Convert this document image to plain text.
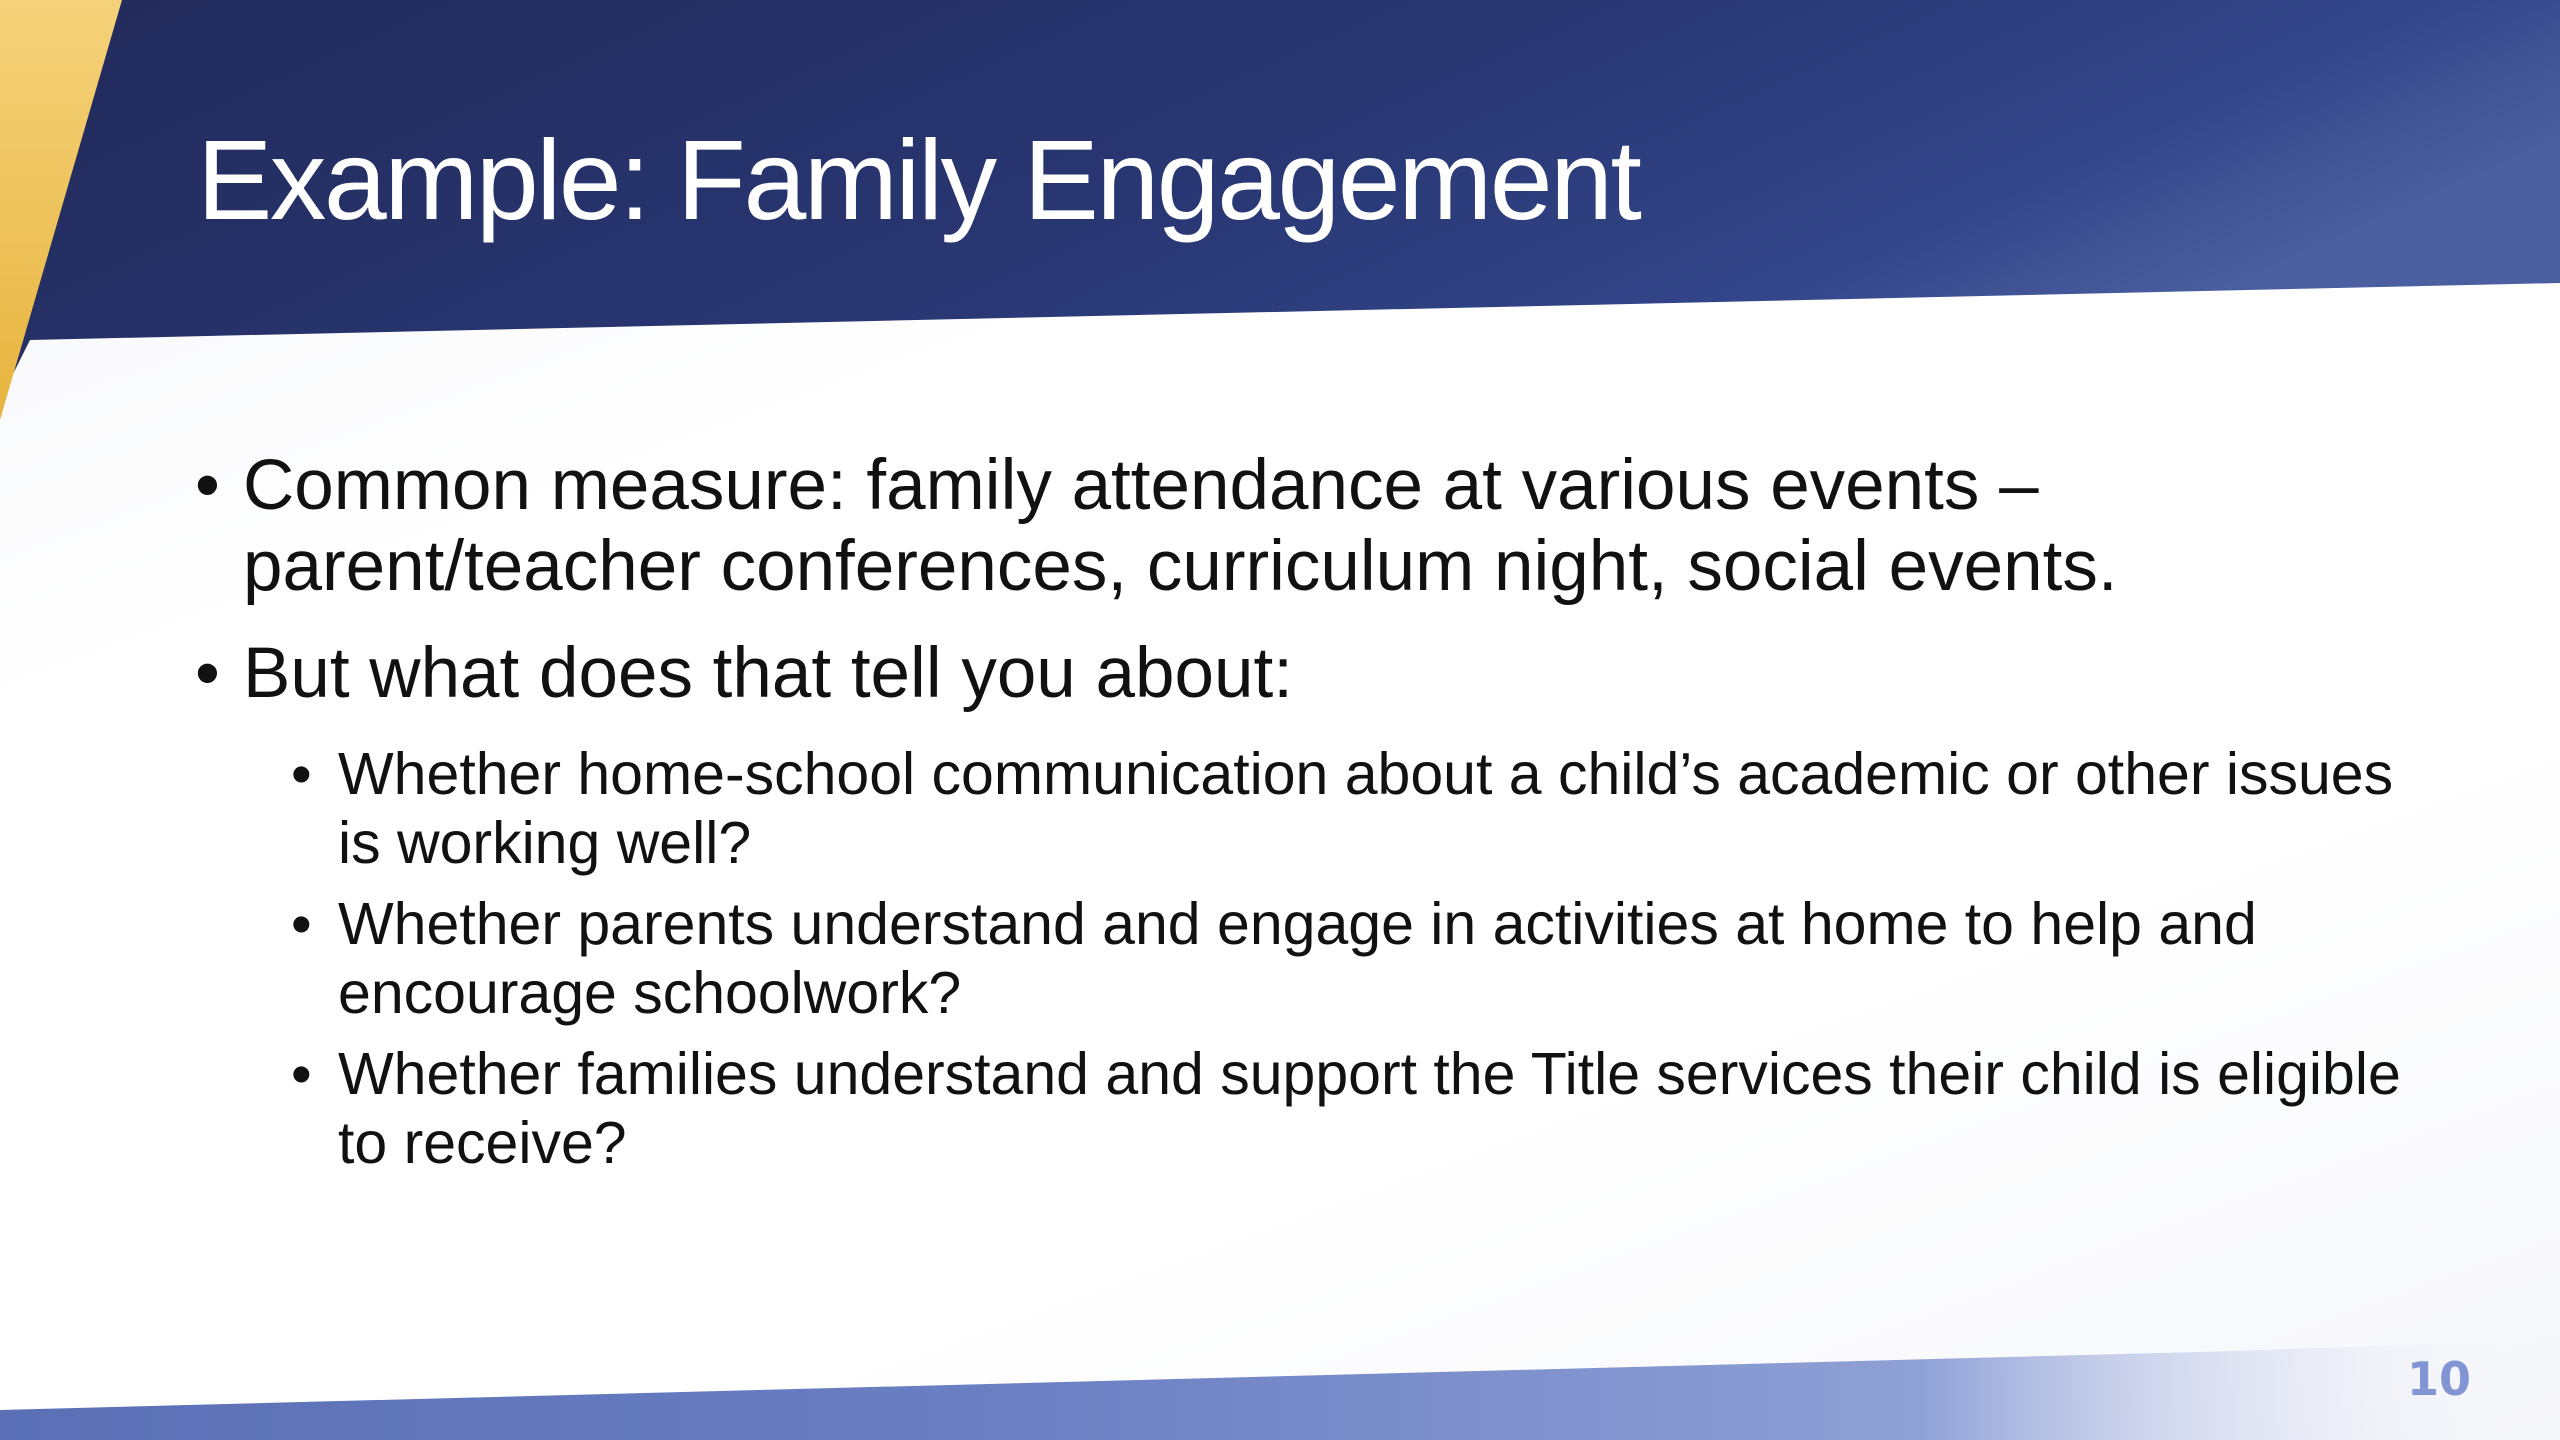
Example: Family Engagement
• Common measure: family attendance at various events – parent/teacher conferences, curriculum night, social events.
• But what does that tell you about:
• Whether home-school communication about a child’s academic or other issues is working well?
• Whether parents understand and engage in activities at home to help and encourage schoolwork?
• Whether families understand and support the Title services their child is eligible to receive?
10
